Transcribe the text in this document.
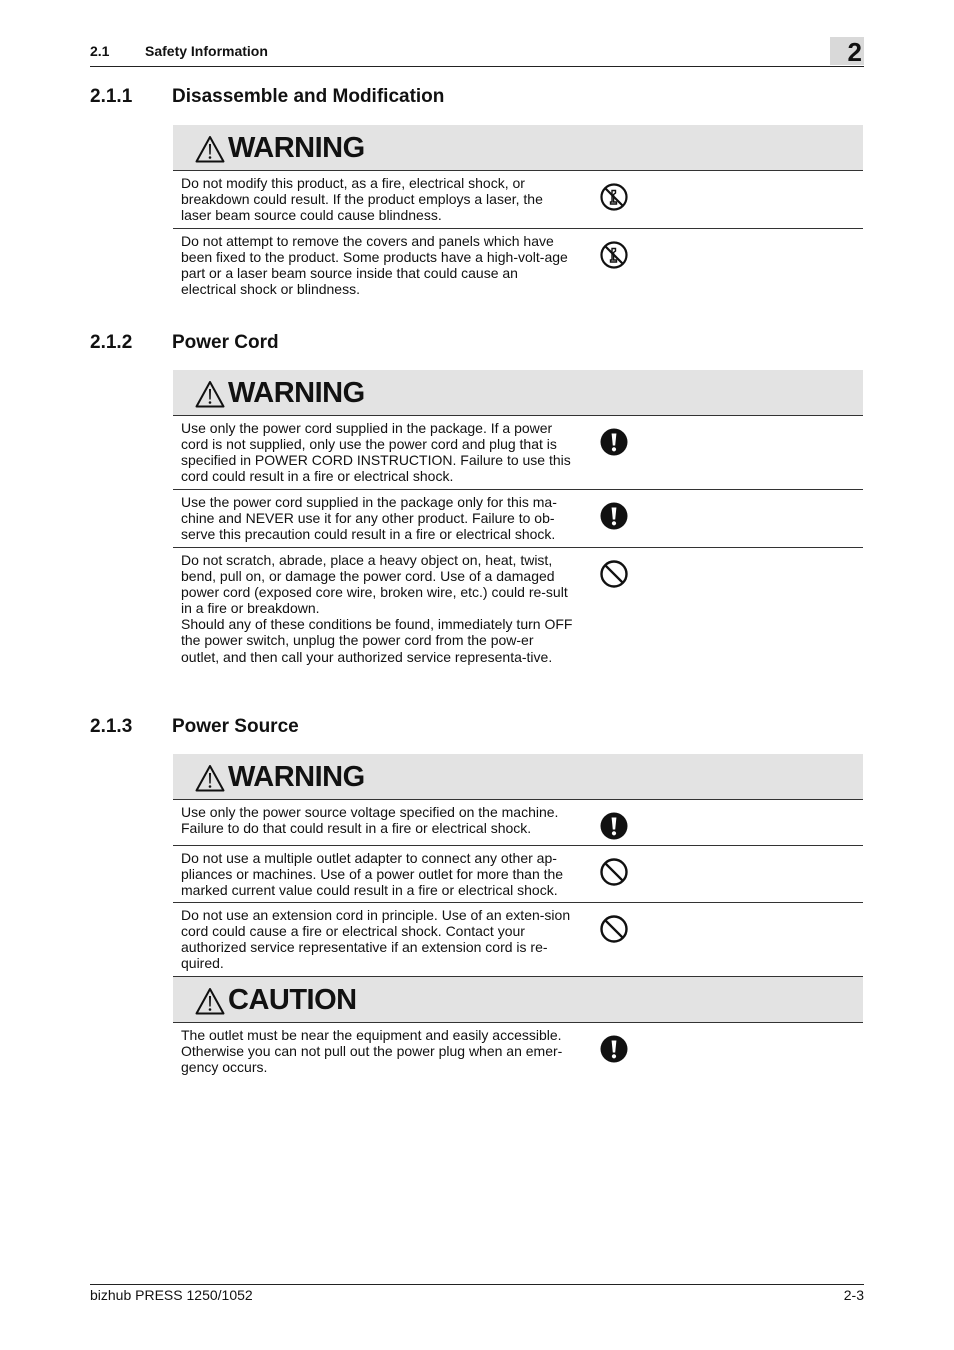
2.1	Safety Information	2
2.1.1 Disassemble and Modification
WARNING
Do not modify this product, as a fire, electrical shock, or breakdown could result. If the product employs a laser, the laser beam source could cause blindness.
Do not attempt to remove the covers and panels which have been fixed to the product. Some products have a high-volt-age part or a laser beam source inside that could cause an electrical shock or blindness.
2.1.2 Power Cord
WARNING
Use only the power cord supplied in the package. If a power cord is not supplied, only use the power cord and plug that is specified in POWER CORD INSTRUCTION. Failure to use this cord could result in a fire or electrical shock.
Use the power cord supplied in the package only for this ma-chine and NEVER use it for any other product. Failure to ob-serve this precaution could result in a fire or electrical shock.
Do not scratch, abrade, place a heavy object on, heat, twist, bend, pull on, or damage the power cord. Use of a damaged power cord (exposed core wire, broken wire, etc.) could re-sult in a fire or breakdown.
Should any of these conditions be found, immediately turn OFF the power switch, unplug the power cord from the pow-er outlet, and then call your authorized service representa-tive.
2.1.3 Power Source
WARNING
Use only the power source voltage specified on the machine. Failure to do that could result in a fire or electrical shock.
Do not use a multiple outlet adapter to connect any other ap-pliances or machines. Use of a power outlet for more than the marked current value could result in a fire or electrical shock.
Do not use an extension cord in principle. Use of an exten-sion cord could cause a fire or electrical shock. Contact your authorized service representative if an extension cord is re-quired.
CAUTION
The outlet must be near the equipment and easily accessible. Otherwise you can not pull out the power plug when an emer-gency occurs.
bizhub PRESS 1250/1052	2-3
